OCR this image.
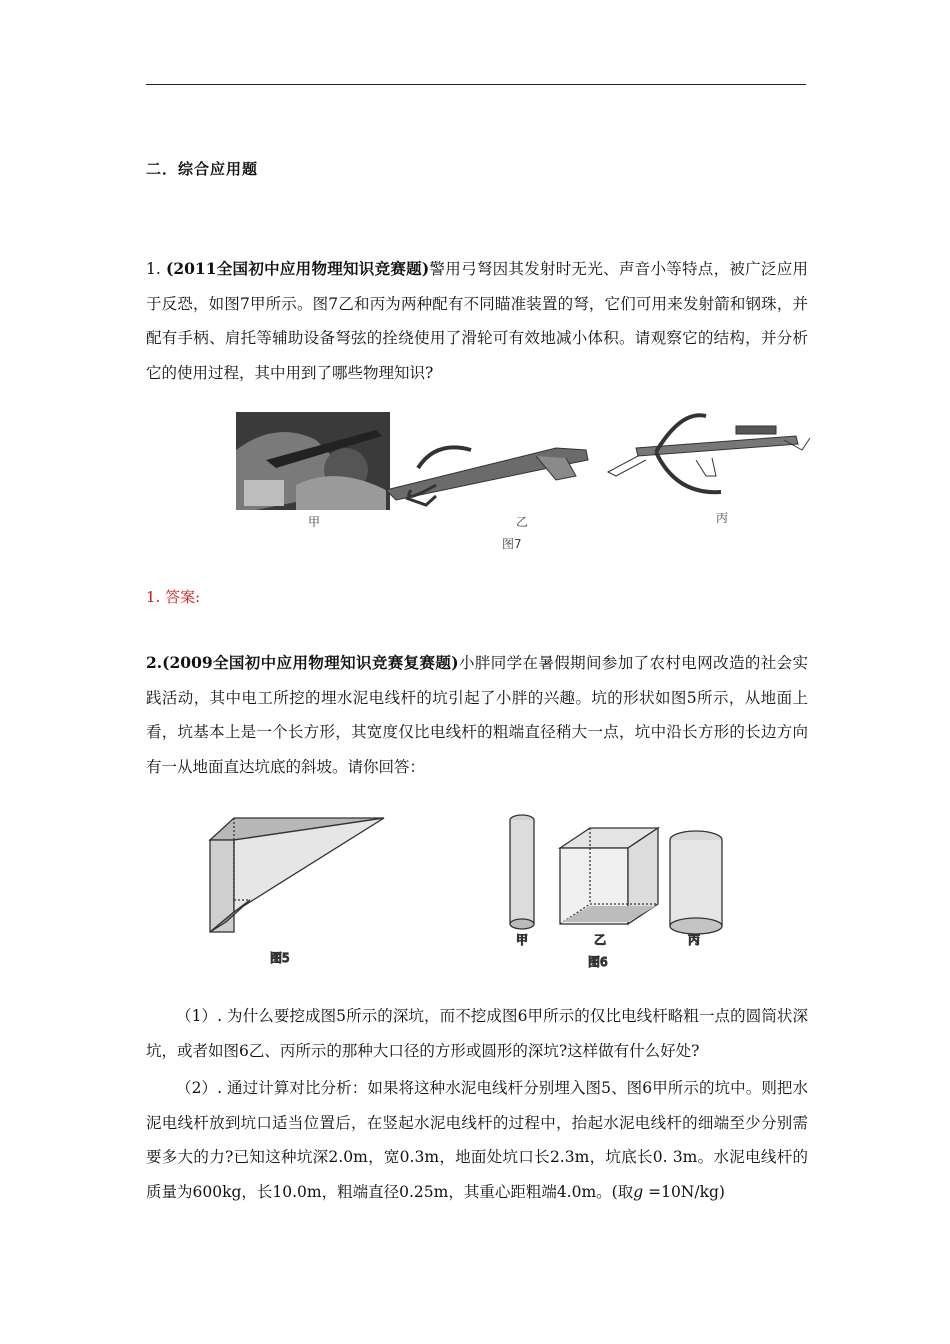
二．综合应用题
1. (2011全国初中应用物理知识竞赛题)警用弓弩因其发射时无光、声音小等特点，被广泛应用于反恐，如图7甲所示。图7乙和丙为两种配有不同瞄准装置的弩，它们可用来发射箭和钢珠，并配有手柄、肩托等辅助设备弩弦的拴绕使用了滑轮可有效地减小体积。请观察它的结构，并分析它的使用过程，其中用到了哪些物理知识?
甲	乙	丙
图7
1. 答案:
2.(2009全国初中应用物理知识竞赛复赛题)小胖同学在暑假期间参加了农村电网改造的社会实践活动，其中电工所挖的埋水泥电线杆的坑引起了小胖的兴趣。坑的形状如图5所示，从地面上看，坑基本上是一个长方形，其宽度仅比电线杆的粗端直径稍大一点，坑中沿长方形的长边方向有一从地面直达坑底的斜坡。请你回答：
图5
甲	乙	丙
图6
（1）. 为什么要挖成图5所示的深坑，而不挖成图6甲所示的仅比电线杆略粗一点的圆筒状深坑，或者如图6乙、丙所示的那种大口径的方形或圆形的深坑?这样做有什么好处?
（2）. 通过计算对比分析：如果将这种水泥电线杆分别埋入图5、图6甲所示的坑中。则把水泥电线杆放到坑口适当位置后，在竖起水泥电线杆的过程中，抬起水泥电线杆的细端至少分别需要多大的力?已知这种坑深2.0m，宽0.3m，地面处坑口长2.3m，坑底长0. 3m。水泥电线杆的质量为600kg，长10.0m，粗端直径0.25m，其重心距粗端4.0m。(取g =10N/kg)
